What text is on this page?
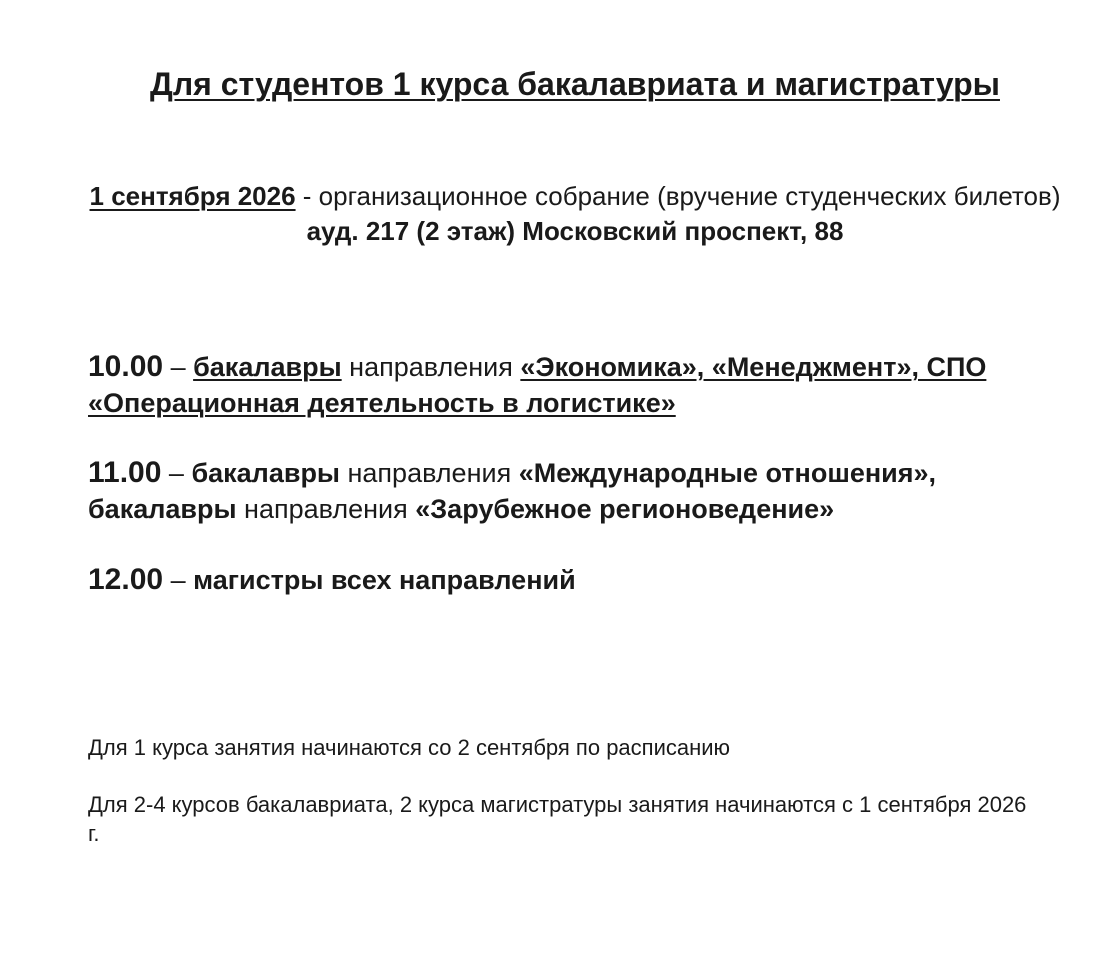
Для студентов 1 курса бакалавриата и магистратуры
1 сентября 2026 - организационное собрание (вручение студенческих билетов)
ауд. 217 (2 этаж) Московский проспект, 88
10.00 – бакалавры направления «Экономика», «Менеджмент», СПО «Операционная деятельность в логистике»
11.00 – бакалавры направления «Международные отношения»,
бакалавры направления «Зарубежное регионоведение»
12.00 – магистры всех направлений
Для 1 курса занятия начинаются со 2 сентября по расписанию
Для 2-4 курсов бакалавриата, 2 курса магистратуры занятия начинаются с 1 сентября 2026 г.
